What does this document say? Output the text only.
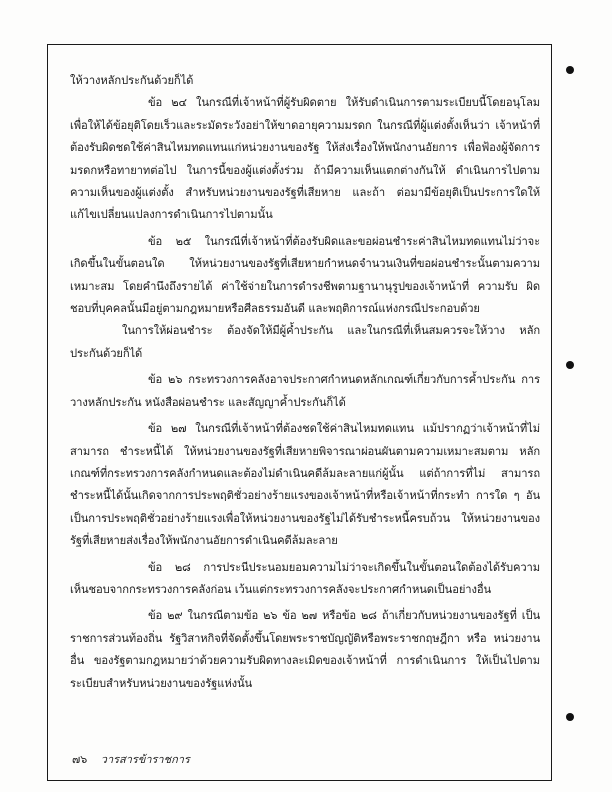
ให้วางหลักประกันด้วยก็ได้

ข้อ ๒๔ ในกรณีที่เจ้าหน้าที่ผู้รับผิดตาย ให้รับดำเนินการตามระเบียบนี้โดยอนุโลม เพื่อให้ได้ข้อยุติโดยเร็วและระมัดระวังอย่าให้ขาดอายุความมรดก ในกรณีที่ผู้แต่งตั้งเห็นว่า เจ้าหน้าที่ต้องรับผิดชดใช้ค่าสินไหมทดแทนแก่หน่วยงานของรัฐ ให้ส่งเรื่องให้พนักงานอัยการ เพื่อฟ้องผู้จัดการมรดกหรือทายาทต่อไป ในการนี้ของผู้แต่งตั้งร่วม ถ้ามีความเห็นแตกต่างกันให้ ดำเนินการไปตามความเห็นของผู้แต่งตั้ง สำหรับหน่วยงานของรัฐที่เสียหาย และถ้า ต่อมามีข้อยุติเป็นประการใดให้แก้ไขเปลี่ยนแปลงการดำเนินการไปตามนั้น

ข้อ ๒๕ ในกรณีที่เจ้าหน้าที่ต้องรับผิดและขอผ่อนชำระค่าสินไหมทดแทนไม่ว่าจะ เกิดขึ้นในขั้นตอนใด ให้หน่วยงานของรัฐที่เสียหายกำหนดจำนวนเงินที่ขอผ่อนชำระนั้นตามความ เหมาะสม โดยคำนึงถึงรายได้ ค่าใช้จ่ายในการดำรงชีพตามฐานานุรูปของเจ้าหน้าที่ ความรับ ผิดชอบที่บุคคลนั้นมีอยู่ตามกฎหมายหรือศีลธรรมอันดี และพฤติการณ์แห่งกรณีประกอบด้วย

ในการให้ผ่อนชำระ ต้องจัดให้มีผู้ค้ำประกัน และในกรณีที่เห็นสมควรจะให้วาง หลักประกันด้วยก็ได้

ข้อ ๒๖ กระทรวงการคลังอาจประกาศกำหนดหลักเกณฑ์เกี่ยวกับการค้ำประกัน การวางหลักประกัน หนังสือผ่อนชำระ และสัญญาค้ำประกันก็ได้

ข้อ ๒๗ ในกรณีที่เจ้าหน้าที่ต้องชดใช้ค่าสินไหมทดแทน แม้ปรากฏว่าเจ้าหน้าที่ไม่ สามารถ ชำระหนี้ได้ ให้หน่วยงานของรัฐที่เสียหายพิจารณาผ่อนผันตามความเหมาะสมตาม หลักเกณฑ์ที่กระทรวงการคลังกำหนดและต้องไม่ดำเนินคดีล้มละลายแก่ผู้นั้น แต่ถ้าการที่ไม่ สามารถชำระหนี้ได้นั้นเกิดจากการประพฤติชั่วอย่างร้ายแรงของเจ้าหน้าที่หรือเจ้าหน้าที่กระทำ การใด ๆ อันเป็นการประพฤติชั่วอย่างร้ายแรงเพื่อให้หน่วยงานของรัฐไม่ได้รับชำระหนี้ครบถ้วน ให้หน่วยงานของรัฐที่เสียหายส่งเรื่องให้พนักงานอัยการดำเนินคดีล้มละลาย

ข้อ ๒๘ การประนีประนอมยอมความไม่ว่าจะเกิดขึ้นในขั้นตอนใดต้องได้รับความ เห็นชอบจากกระทรวงการคลังก่อน เว้นแต่กระทรวงการคลังจะประกาศกำหนดเป็นอย่างอื่น

ข้อ ๒๙ ในกรณีตามข้อ ๒๖ ข้อ ๒๗ หรือข้อ ๒๘ ถ้าเกี่ยวกับหน่วยงานของรัฐที่ เป็นราชการส่วนท้องถิ่น รัฐวิสาหกิจที่จัดตั้งขึ้นโดยพระราชบัญญัติหรือพระราชกฤษฎีกา หรือ หน่วยงานอื่น ของรัฐตามกฎหมายว่าด้วยความรับผิดทางละเมิดของเจ้าหน้าที่ การดำเนินการ ให้เป็นไปตามระเบียบสำหรับหน่วยงานของรัฐแห่งนั้น

๗๖ วารสารข้าราชการ
